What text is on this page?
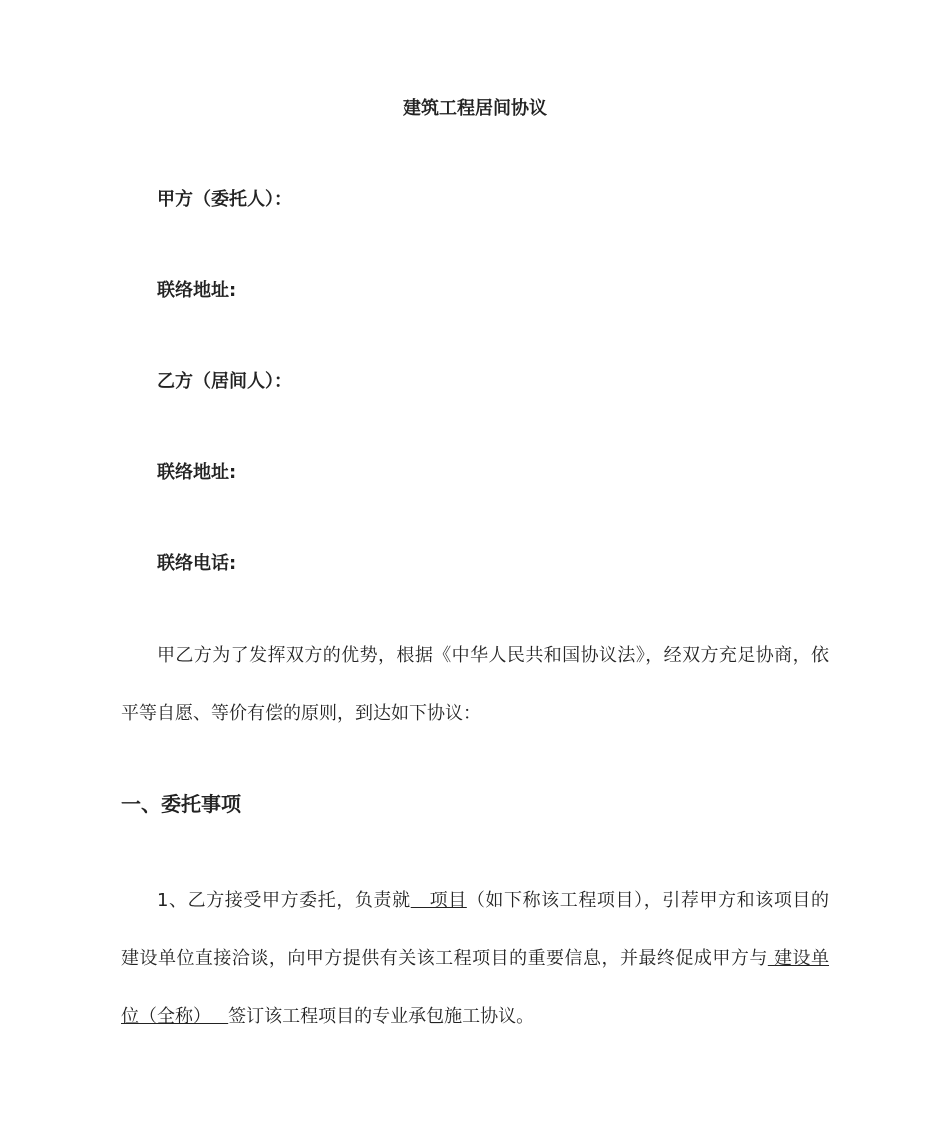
建筑工程居间协议

甲方（委托人）：

联络地址:

乙方（居间人）：

联络地址:

联络电话:

甲乙方为了发挥双方的优势，根据《中华人民共和国协议法》，经双方充足协商，依

平等自愿、等价有偿的原则，到达如下协议：

一、委托事项

1、乙方接受甲方委托，负责就   项目（如下称该工程项目），引荐甲方和该项目的

建设单位直接洽谈，向甲方提供有关该工程项目的重要信息，并最终促成甲方与 建设单

位（全称）   签订该工程项目的专业承包施工协议。
